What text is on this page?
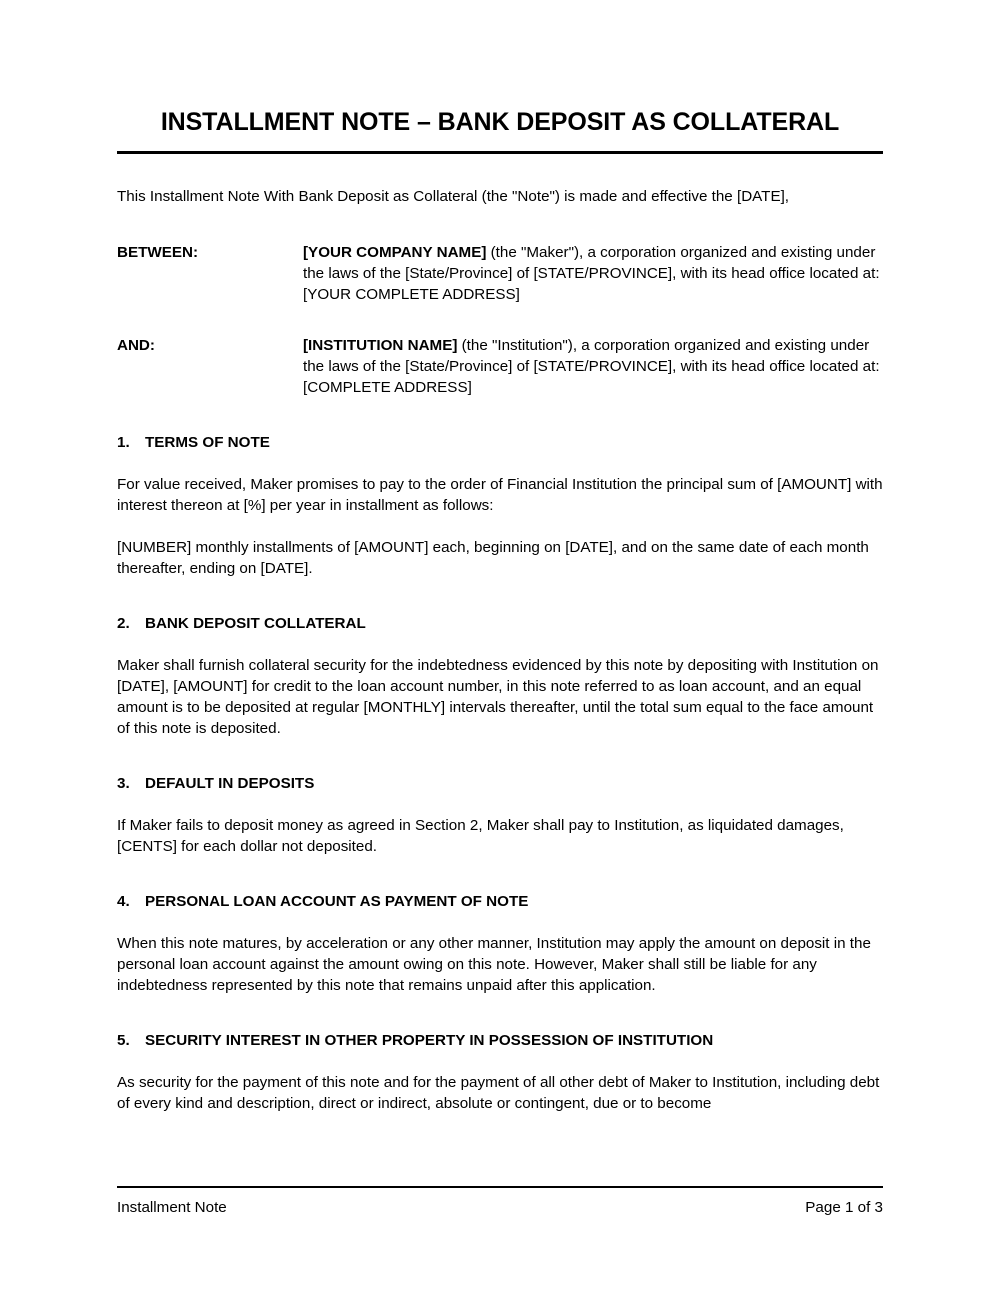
INSTALLMENT NOTE – BANK DEPOSIT AS COLLATERAL

This Installment Note With Bank Deposit as Collateral (the "Note") is made and effective the [DATE],

BETWEEN:	[YOUR COMPANY NAME] (the "Maker"), a corporation organized and existing under the laws of the [State/Province] of [STATE/PROVINCE], with its head office located at:

[YOUR COMPLETE ADDRESS]

AND:	[INSTITUTION NAME] (the "Institution"), a corporation organized and existing under the laws of the [State/Province] of [STATE/PROVINCE], with its head office located at:

[COMPLETE ADDRESS]

1.	TERMS OF NOTE

For value received, Maker promises to pay to the order of Financial Institution the principal sum of [AMOUNT] with interest thereon at [%] per year in installment as follows:

[NUMBER] monthly installments of [AMOUNT] each, beginning on [DATE], and on the same date of each month thereafter, ending on [DATE].

2.	BANK DEPOSIT COLLATERAL

Maker shall furnish collateral security for the indebtedness evidenced by this note by depositing with Institution on [DATE], [AMOUNT] for credit to the loan account number, in this note referred to as loan account, and an equal amount is to be deposited at regular [MONTHLY] intervals thereafter, until the total sum equal to the face amount of this note is deposited.

3.	DEFAULT IN DEPOSITS

If Maker fails to deposit money as agreed in Section 2, Maker shall pay to Institution, as liquidated damages, [CENTS] for each dollar not deposited.

4.	PERSONAL LOAN ACCOUNT AS PAYMENT OF NOTE

When this note matures, by acceleration or any other manner, Institution may apply the amount on deposit in the personal loan account against the amount owing on this note. However, Maker shall still be liable for any indebtedness represented by this note that remains unpaid after this application.

5.	SECURITY INTEREST IN OTHER PROPERTY IN POSSESSION OF INSTITUTION

As security for the payment of this note and for the payment of all other debt of Maker to Institution, including debt of every kind and description, direct or indirect, absolute or contingent, due or to become

Installment Note	Page 1 of 3
